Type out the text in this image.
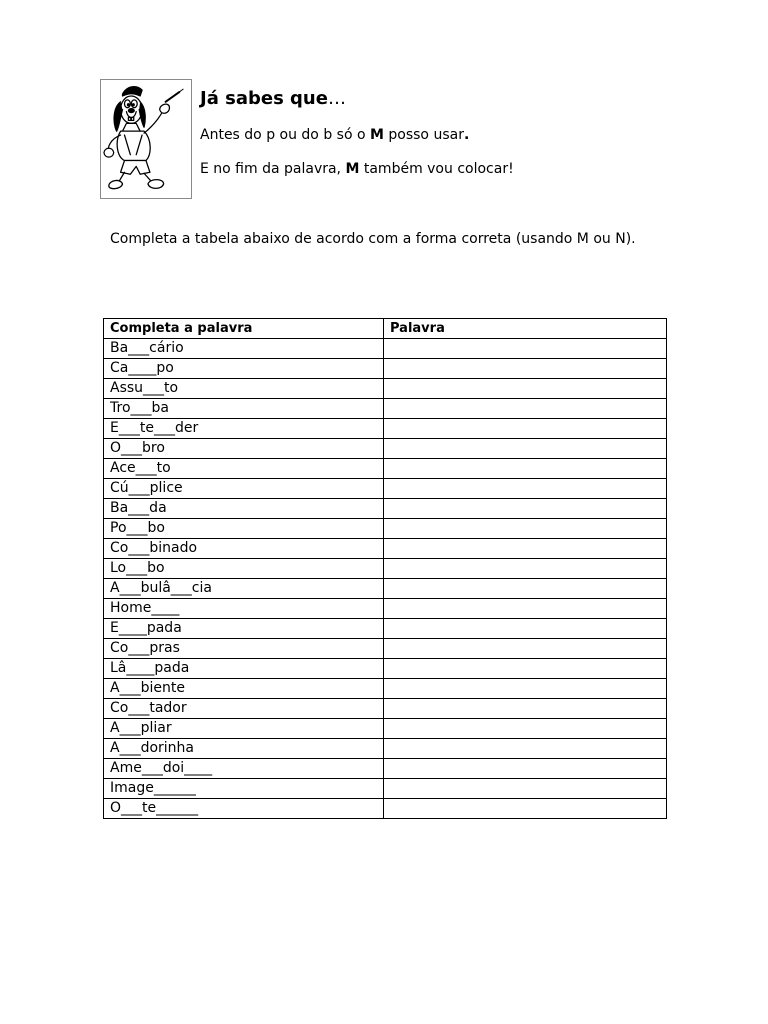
Já sabes que…
Antes do p ou do b só o M posso usar.
E no fim da palavra, M também vou colocar!
Completa a tabela abaixo de acordo com a forma correta (usando M ou N).
Completa a palavra	Palavra
Ba___cário	
Ca____po	
Assu___to	
Tro___ba	
E___te___der	
O___bro	
Ace___to	
Cú___plice	
Ba___da	
Po___bo	
Co___binado	
Lo___bo	
A___bulâ___cia	
Home____	
E____pada	
Co___pras	
Lâ____pada	
A___biente	
Co___tador	
A___pliar	
A___dorinha	
Ame___doi____	
Image______	
O___te______	
